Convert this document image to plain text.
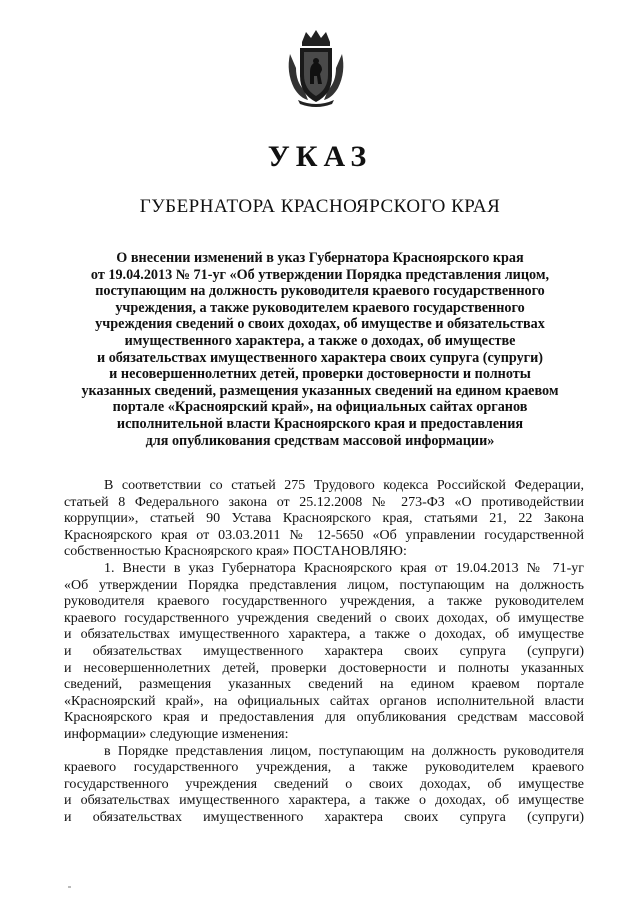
УКАЗ
ГУБЕРНАТОРА КРАСНОЯРСКОГО КРАЯ
О внесении изменений в указ Губернатора Красноярского края
от 19.04.2013 № 71-уг «Об утверждении Порядка представления лицом,
поступающим на должность руководителя краевого государственного
учреждения, а также руководителем краевого государственного
учреждения сведений о своих доходах, об имуществе и обязательствах
имущественного характера, а также о доходах, об имуществе
и обязательствах имущественного характера своих супруга (супруги)
и несовершеннолетних детей, проверки достоверности и полноты
указанных сведений, размещения указанных сведений на едином краевом
портале «Красноярский край», на официальных сайтах органов
исполнительной власти Красноярского края и предоставления
для опубликования средствам массовой информации»

В соответствии со статьей 275 Трудового кодекса Российской Федерации,
статьей 8 Федерального закона от 25.12.2008 № 273-ФЗ «О противодействии
коррупции», статьей 90 Устава Красноярского края, статьями 21, 22 Закона
Красноярского края от 03.03.2011 № 12-5650 «Об управлении государственной
собственностью Красноярского края» ПОСТАНОВЛЯЮ:

1. Внести в указ Губернатора Красноярского края от 19.04.2013 № 71-уг
«Об утверждении Порядка представления лицом, поступающим на должность
руководителя краевого государственного учреждения, а также руководителем
краевого государственного учреждения сведений о своих доходах, об имуществе
и обязательствах имущественного характера, а также о доходах, об имуществе
и обязательствах имущественного характера своих супруга (супруги)
и несовершеннолетних детей, проверки достоверности и полноты указанных
сведений, размещения указанных сведений на едином краевом портале
«Красноярский край», на официальных сайтах органов исполнительной власти
Красноярского края и предоставления для опубликования средствам массовой
информации» следующие изменения:

в Порядке представления лицом, поступающим на должность руководителя
краевого государственного учреждения, а также руководителем краевого
государственного учреждения сведений о своих доходах, об имуществе
и обязательствах имущественного характера, а также о доходах, об имуществе
и обязательствах имущественного характера своих супруга (супруги)
